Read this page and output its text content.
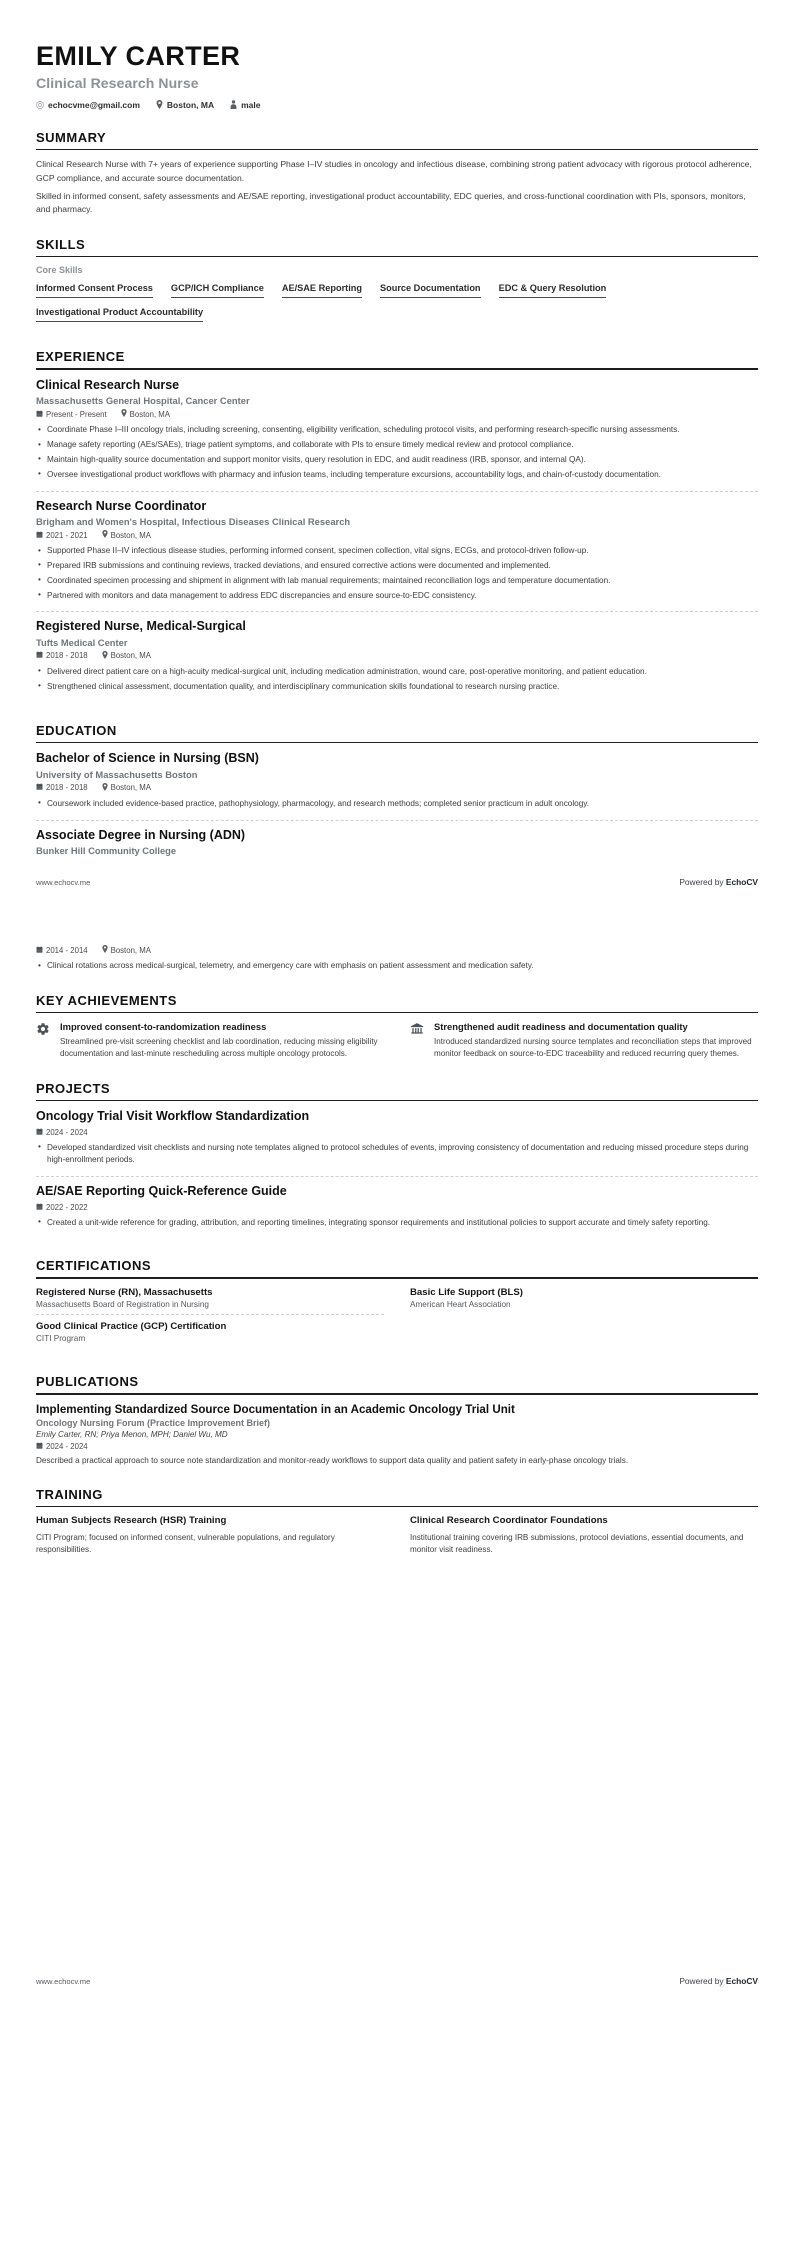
EMILY CARTER
Clinical Research Nurse
echocvme@gmail.com	Boston, MA	male
SUMMARY

Clinical Research Nurse with 7+ years of experience supporting Phase I–IV studies in oncology and infectious disease, combining strong patient advocacy with rigorous protocol adherence, GCP compliance, and accurate source documentation.

Skilled in informed consent, safety assessments and AE/SAE reporting, investigational product accountability, EDC queries, and cross-functional coordination with PIs, sponsors, monitors, and pharmacy.

SKILLS
Core Skills
Informed Consent Process GCP/ICH Compliance AE/SAE Reporting Source Documentation EDC & Query Resolution
Investigational Product Accountability
EXPERIENCE
Clinical Research Nurse
Massachusetts General Hospital, Cancer Center
Present - Present	Boston, MA
• Coordinate Phase I–III oncology trials, including screening, consenting, eligibility verification, scheduling protocol visits, and performing research-specific nursing assessments.
• Manage safety reporting (AEs/SAEs), triage patient symptoms, and collaborate with PIs to ensure timely medical review and protocol compliance.
• Maintain high-quality source documentation and support monitor visits, query resolution in EDC, and audit readiness (IRB, sponsor, and internal QA).
• Oversee investigational product workflows with pharmacy and infusion teams, including temperature excursions, accountability logs, and chain-of-custody documentation.
Research Nurse Coordinator
Brigham and Women's Hospital, Infectious Diseases Clinical Research
2021 - 2021	Boston, MA
• Supported Phase II–IV infectious disease studies, performing informed consent, specimen collection, vital signs, ECGs, and protocol-driven follow-up.
• Prepared IRB submissions and continuing reviews, tracked deviations, and ensured corrective actions were documented and implemented.
• Coordinated specimen processing and shipment in alignment with lab manual requirements; maintained reconciliation logs and temperature documentation.
• Partnered with monitors and data management to address EDC discrepancies and ensure source-to-EDC consistency.
Registered Nurse, Medical-Surgical
Tufts Medical Center
2018 - 2018	Boston, MA
• Delivered direct patient care on a high-acuity medical-surgical unit, including medication administration, wound care, post-operative monitoring, and patient education.
• Strengthened clinical assessment, documentation quality, and interdisciplinary communication skills foundational to research nursing practice.
EDUCATION
Bachelor of Science in Nursing (BSN)
University of Massachusetts Boston
2018 - 2018	Boston, MA
• Coursework included evidence-based practice, pathophysiology, pharmacology, and research methods; completed senior practicum in adult oncology.
Associate Degree in Nursing (ADN)
Bunker Hill Community College
www.echocv.me	Powered by EchoCV
2014 - 2014	Boston, MA
• Clinical rotations across medical-surgical, telemetry, and emergency care with emphasis on patient assessment and medication safety.
KEY ACHIEVEMENTS
Improved consent-to-randomization readiness
Streamlined pre-visit screening checklist and lab coordination, reducing missing eligibility documentation and last-minute rescheduling across multiple oncology protocols.
Strengthened audit readiness and documentation quality
Introduced standardized nursing source templates and reconciliation steps that improved monitor feedback on source-to-EDC traceability and reduced recurring query themes.
PROJECTS
Oncology Trial Visit Workflow Standardization
2024 - 2024
• Developed standardized visit checklists and nursing note templates aligned to protocol schedules of events, improving consistency of documentation and reducing missed procedure steps during high-enrollment periods.
AE/SAE Reporting Quick-Reference Guide
2022 - 2022
• Created a unit-wide reference for grading, attribution, and reporting timelines, integrating sponsor requirements and institutional policies to support accurate and timely safety reporting.
CERTIFICATIONS
Registered Nurse (RN), Massachusetts
Massachusetts Board of Registration in Nursing
Good Clinical Practice (GCP) Certification
CITI Program
Basic Life Support (BLS)
American Heart Association
PUBLICATIONS
Implementing Standardized Source Documentation in an Academic Oncology Trial Unit
Oncology Nursing Forum (Practice Improvement Brief)
Emily Carter, RN; Priya Menon, MPH; Daniel Wu, MD
2024 - 2024
Described a practical approach to source note standardization and monitor-ready workflows to support data quality and patient safety in early-phase oncology trials.
TRAINING
Human Subjects Research (HSR) Training
CITI Program; focused on informed consent, vulnerable populations, and regulatory responsibilities.
Clinical Research Coordinator Foundations
Institutional training covering IRB submissions, protocol deviations, essential documents, and monitor visit readiness.
www.echocv.me	Powered by EchoCV
